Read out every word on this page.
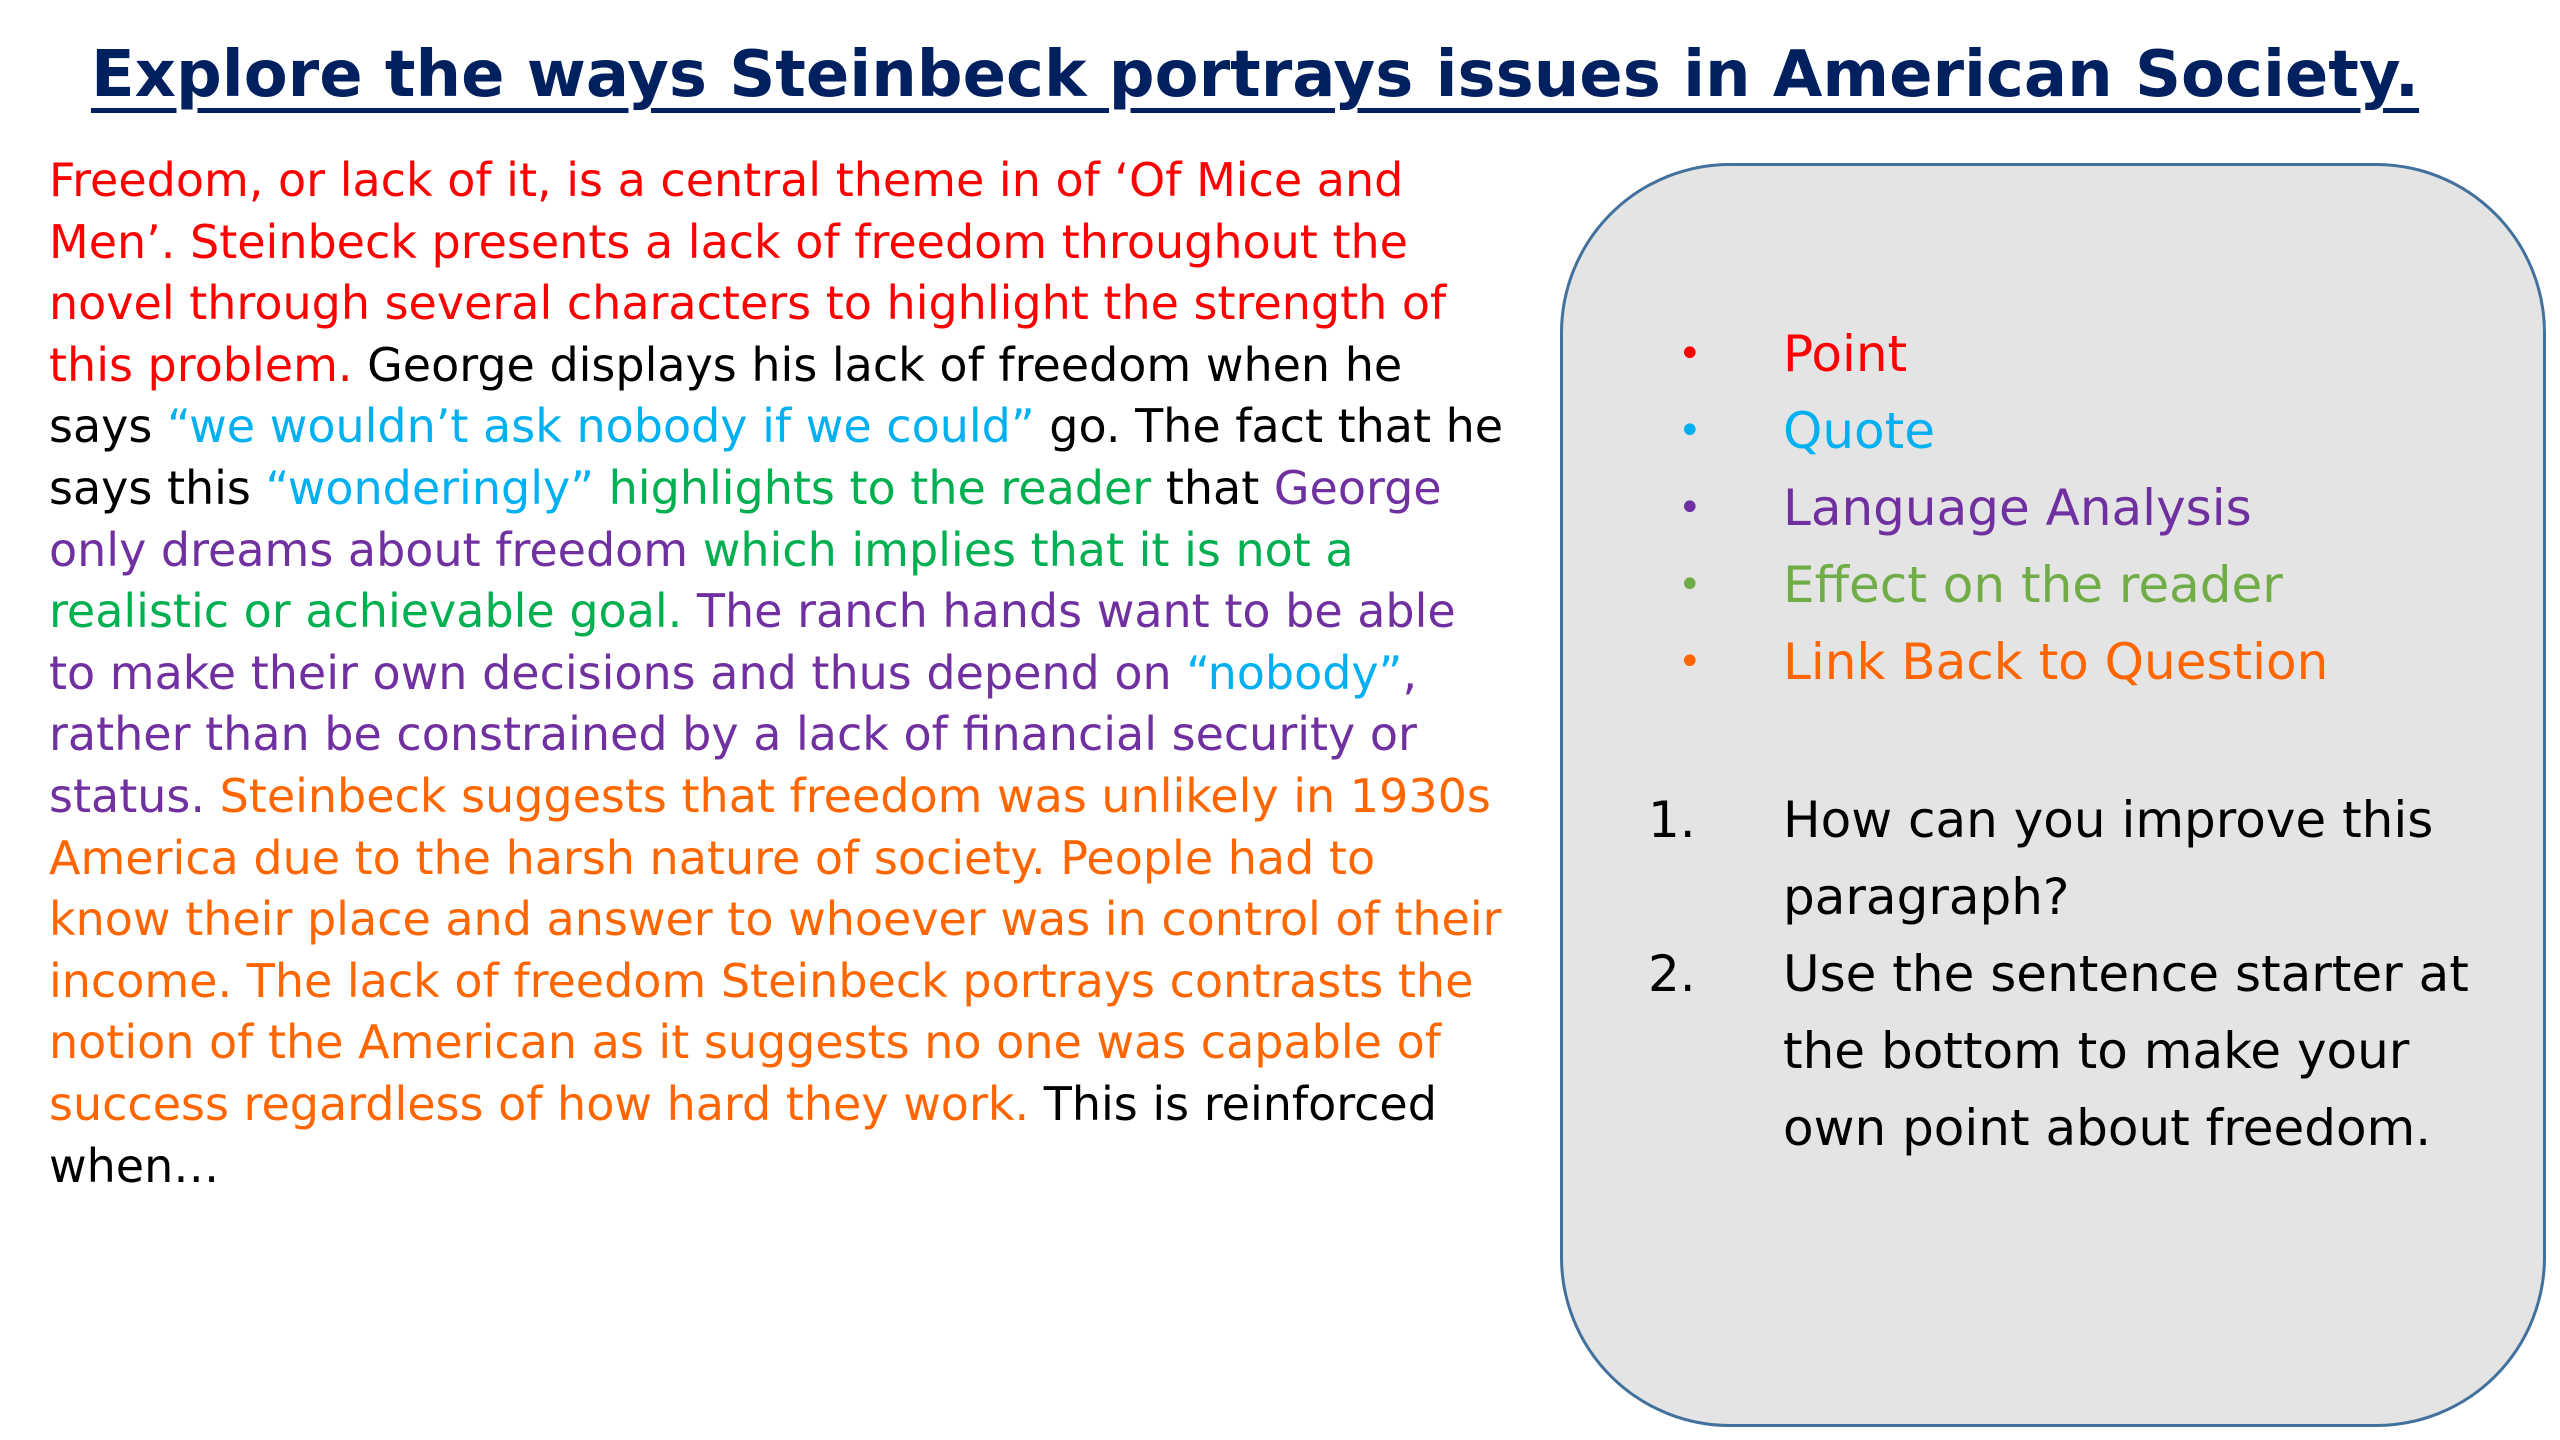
Explore the ways Steinbeck portrays issues in American Society.

Freedom, or lack of it, is a central theme in of ‘Of Mice and Men’. Steinbeck presents a lack of freedom throughout the novel through several characters to highlight the strength of this problem. George displays his lack of freedom when he says “we wouldn’t ask nobody if we could” go. The fact that he says this “wonderingly” highlights to the reader that George only dreams about freedom which implies that it is not a realistic or achievable goal. The ranch hands want to be able to make their own decisions and thus depend on “nobody”, rather than be constrained by a lack of financial security or status. Steinbeck suggests that freedom was unlikely in 1930s America due to the harsh nature of society. People had to know their place and answer to whoever was in control of their income. The lack of freedom Steinbeck portrays contrasts the notion of the American as it suggests no one was capable of success regardless of how hard they work. This is reinforced when…

• Point
• Quote
• Language Analysis
• Effect on the reader
• Link Back to Question
1. How can you improve this paragraph?
2. Use the sentence starter at the bottom to make your own point about freedom.
